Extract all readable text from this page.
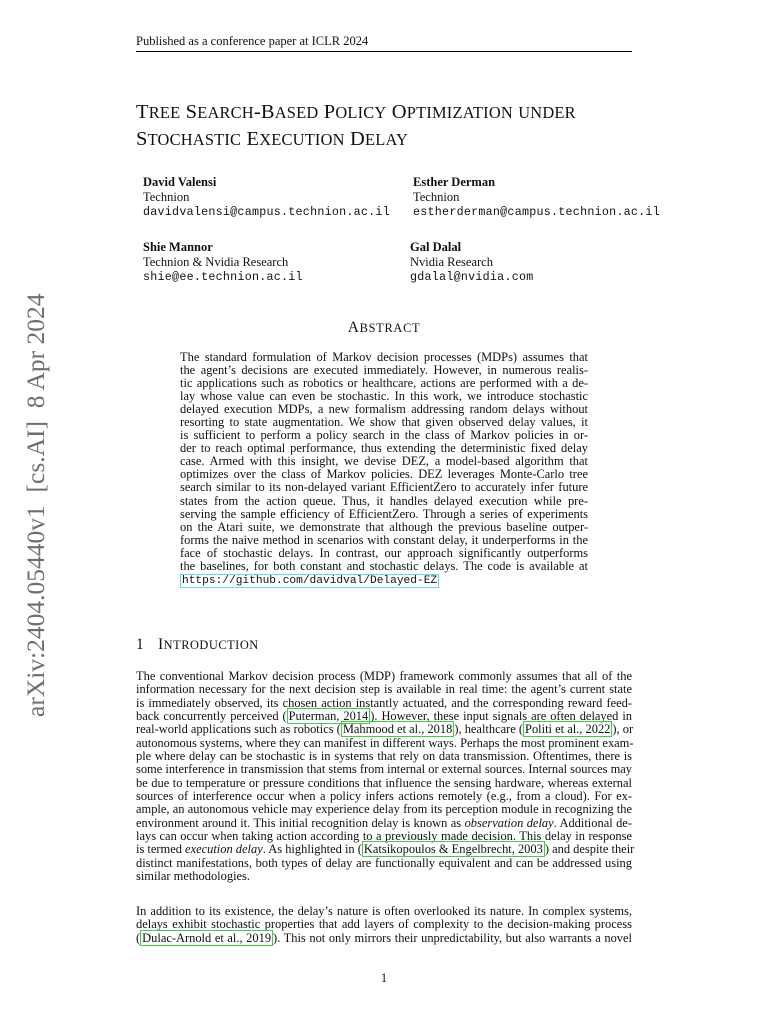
Published as a conference paper at ICLR 2024
arXiv:2404.05440v1  [cs.AI]  8 Apr 2024
TREE SEARCH-BASED POLICY OPTIMIZATION UNDER
STOCHASTIC EXECUTION DELAY
David Valensi
Technion
davidvalensi@campus.technion.ac.il
Esther Derman
Technion
estherderman@campus.technion.ac.il
Shie Mannor
Technion & Nvidia Research
shie@ee.technion.ac.il
Gal Dalal
Nvidia Research
gdalal@nvidia.com
ABSTRACT
The standard formulation of Markov decision processes (MDPs) assumes that
the agent’s decisions are executed immediately. However, in numerous realis-
tic applications such as robotics or healthcare, actions are performed with a de-
lay whose value can even be stochastic. In this work, we introduce stochastic
delayed execution MDPs, a new formalism addressing random delays without
resorting to state augmentation. We show that given observed delay values, it
is sufficient to perform a policy search in the class of Markov policies in or-
der to reach optimal performance, thus extending the deterministic fixed delay
case. Armed with this insight, we devise DEZ, a model-based algorithm that
optimizes over the class of Markov policies. DEZ leverages Monte-Carlo tree
search similar to its non-delayed variant EfficientZero to accurately infer future
states from the action queue. Thus, it handles delayed execution while pre-
serving the sample efficiency of EfficientZero. Through a series of experiments
on the Atari suite, we demonstrate that although the previous baseline outper-
forms the naive method in scenarios with constant delay, it underperforms in the
face of stochastic delays. In contrast, our approach significantly outperforms
the baselines, for both constant and stochastic delays. The code is available at
https://github.com/davidval/Delayed-EZ
1 INTRODUCTION
The conventional Markov decision process (MDP) framework commonly assumes that all of the
information necessary for the next decision step is available in real time: the agent’s current state
is immediately observed, its chosen action instantly actuated, and the corresponding reward feed-
back concurrently perceived ( Puterman, 2014 ). However, these input signals are often delayed in
real-world applications such as robotics ( Mahmood et al., 2018 ), healthcare ( Politi et al., 2022 ), or
autonomous systems, where they can manifest in different ways. Perhaps the most prominent exam-
ple where delay can be stochastic is in systems that rely on data transmission. Oftentimes, there is
some interference in transmission that stems from internal or external sources. Internal sources may
be due to temperature or pressure conditions that influence the sensing hardware, whereas external
sources of interference occur when a policy infers actions remotely (e.g., from a cloud). For ex-
ample, an autonomous vehicle may experience delay from its perception module in recognizing the
environment around it. This initial recognition delay is known as observation delay. Additional de-
lays can occur when taking action according to a previously made decision. This delay in response
is termed execution delay. As highlighted in ( Katsikopoulos & Engelbrecht, 2003 ) and despite their
distinct manifestations, both types of delay are functionally equivalent and can be addressed using
similar methodologies.
In addition to its existence, the delay’s nature is often overlooked its nature. In complex systems,
delays exhibit stochastic properties that add layers of complexity to the decision-making process
( Dulac-Arnold et al., 2019 ). This not only mirrors their unpredictability, but also warrants a novel
1
